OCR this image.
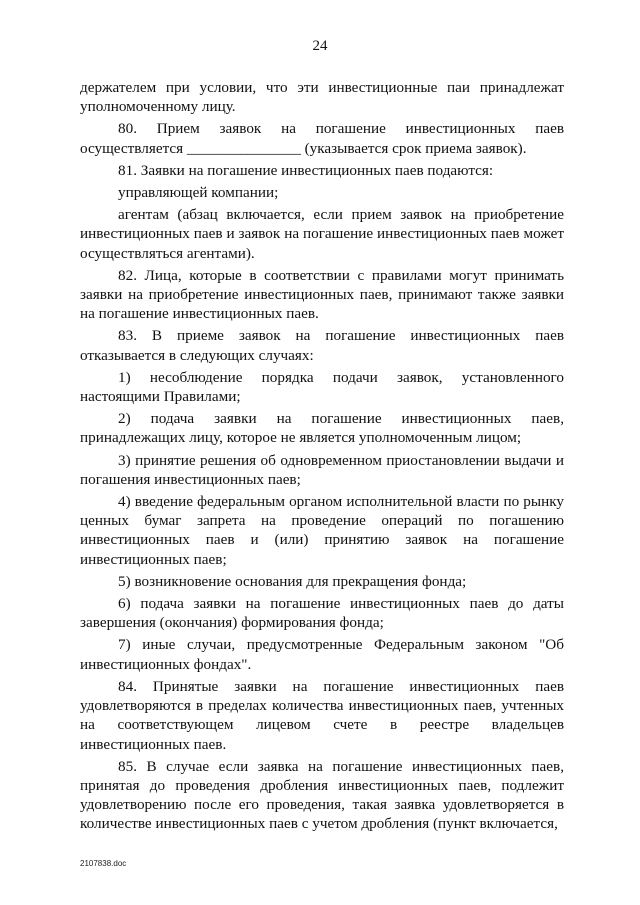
24

держателем при условии, что эти инвестиционные паи принадлежат уполномоченному лицу.

80. Прием заявок на погашение инвестиционных паев осуществляется _______________ (указывается срок приема заявок).

81. Заявки на погашение инвестиционных паев подаются:

управляющей компании;

агентам (абзац включается, если прием заявок на приобретение инвестиционных паев и заявок на погашение инвестиционных паев может осуществляться агентами).

82. Лица, которые в соответствии с правилами могут принимать заявки на приобретение инвестиционных паев, принимают также заявки на погашение инвестиционных паев.

83. В приеме заявок на погашение инвестиционных паев отказывается в следующих случаях:

1) несоблюдение порядка подачи заявок, установленного настоящими Правилами;

2) подача заявки на погашение инвестиционных паев, принадлежащих лицу, которое не является уполномоченным лицом;

3) принятие решения об одновременном приостановлении выдачи и погашения инвестиционных паев;

4) введение федеральным органом исполнительной власти по рынку ценных бумаг запрета на проведение операций по погашению инвестиционных паев и (или) принятию заявок на погашение инвестиционных паев;

5) возникновение основания для прекращения фонда;

6) подача заявки на погашение инвестиционных паев до даты завершения (окончания) формирования фонда;

7) иные случаи, предусмотренные Федеральным законом "Об инвестиционных фондах".

84. Принятые заявки на погашение инвестиционных паев удовлетворяются в пределах количества инвестиционных паев, учтенных на соответствующем лицевом счете в реестре владельцев инвестиционных паев.

85. В случае если заявка на погашение инвестиционных паев, принятая до проведения дробления инвестиционных паев, подлежит удовлетворению после его проведения, такая заявка удовлетворяется в количестве инвестиционных паев с учетом дробления (пункт включается,

2107838.doc
